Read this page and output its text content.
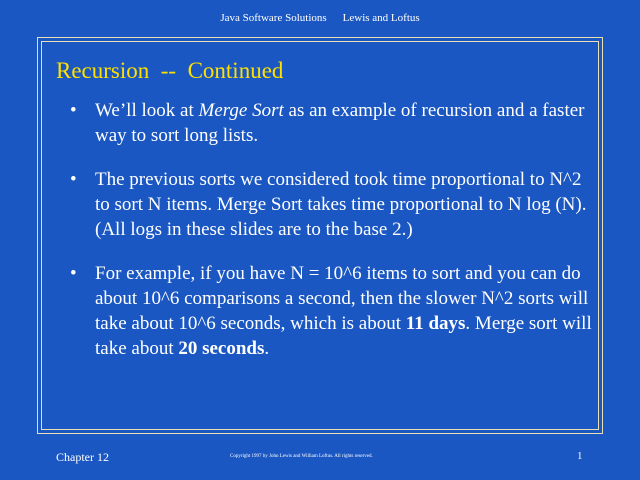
Java Software Solutions Lewis and Loftus
Recursion  --  Continued
• We’ll look at Merge Sort as an example of recursion and a faster way to sort long lists.
• The previous sorts we considered took time proportional to N^2 to sort N items. Merge Sort takes time proportional to N log (N). (All logs in these slides are to the base 2.)
• For example, if you have N = 10^6 items to sort and you can do about 10^6 comparisons a second, then the slower N^2 sorts will take about 10^6 seconds, which is about 11 days. Merge sort will take about 20 seconds.
Chapter 12	Copyright 1997 by John Lewis and William Loftus. All rights reserved.	1
